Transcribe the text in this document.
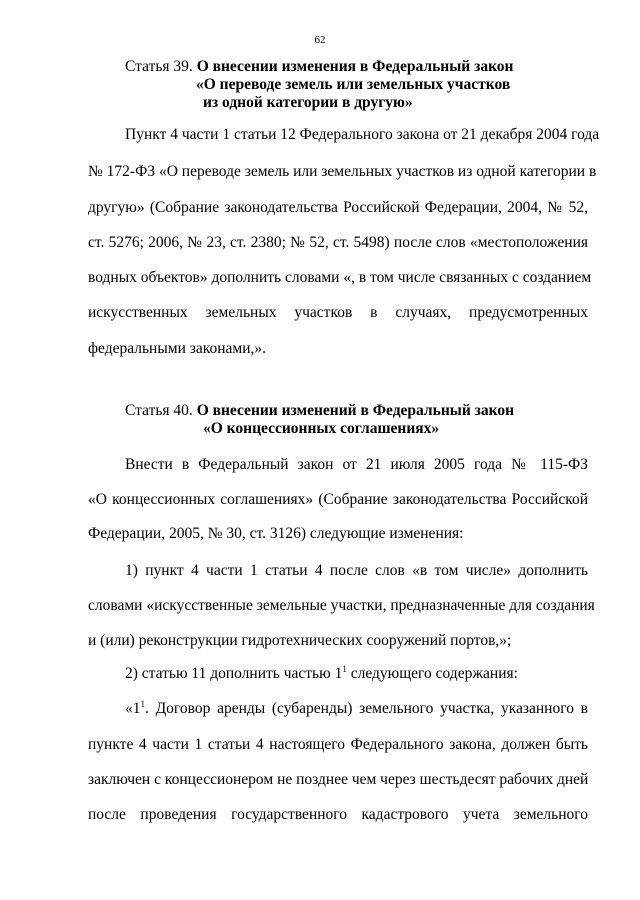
62
Статья 39. О внесении изменения в Федеральный закон
«О переводе земель или земельных участков
из одной категории в другую»
Пункт 4 части 1 статьи 12 Федерального закона от 21 декабря 2004 года
№ 172-ФЗ «О переводе земель или земельных участков из одной категории в
другую» (Собрание законодательства Российской Федерации, 2004, № 52,
ст. 5276; 2006, № 23, ст. 2380; № 52, ст. 5498) после слов «местоположения
водных объектов» дополнить словами «, в том числе связанных с созданием
искусственных земельных участков в случаях, предусмотренных
федеральными законами,».
Статья 40. О внесении изменений в Федеральный закон
«О концессионных соглашениях»
Внести в Федеральный закон от 21 июля 2005 года № 115-ФЗ
«О концессионных соглашениях» (Собрание законодательства Российской
Федерации, 2005, № 30, ст. 3126) следующие изменения:
1) пункт 4 части 1 статьи 4 после слов «в том числе» дополнить
словами «искусственные земельные участки, предназначенные для создания
и (или) реконструкции гидротехнических сооружений портов,»;
2) статью 11 дополнить частью $1^1$ следующего содержания:
«$1^1$. Договор аренды (субаренды) земельного участка, указанного в
пункте 4 части 1 статьи 4 настоящего Федерального закона, должен быть
заключен с концессионером не позднее чем через шестьдесят рабочих дней
после проведения государственного кадастрового учета земельного
